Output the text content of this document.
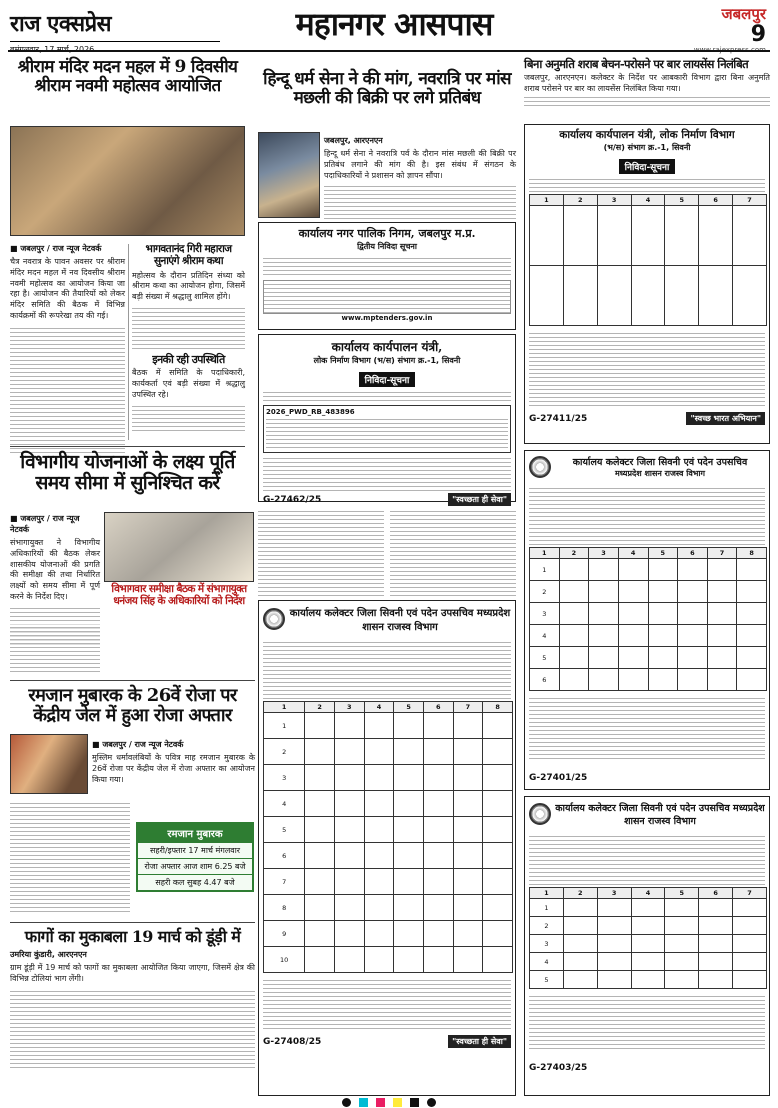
राज एक्सप्रेस	महानगर आसपास	जबलपुर
9
श्रीराम मंदिर मदन महल में 9 दिवसीय श्रीराम नवमी महोत्सव आयोजित
■ जबलपुर / राज न्यूज नेटवर्क
चैत्र नवरात्र के पावन अवसर पर श्रीराम मंदिर मदन महल में नव दिवसीय श्रीराम नवमी महोत्सव का आयोजन किया जा रहा है। आयोजन की तैयारियों को लेकर मंदिर समिति की बैठक में विभिन्न कार्यक्रमों की रूपरेखा तय की गई।
भागवतानंद गिरी महाराज सुनाएंगे श्रीराम कथा
महोत्सव के दौरान प्रतिदिन संध्या को श्रीराम कथा का आयोजन होगा, जिसमें बड़ी संख्या में श्रद्धालु शामिल होंगे।
इनकी रही उपस्थिति
बैठक में समिति के पदाधिकारी, कार्यकर्ता एवं बड़ी संख्या में श्रद्धालु उपस्थित रहे।
विभागीय योजनाओं के लक्ष्य पूर्ति समय सीमा में सुनिश्चित करें
■ जबलपुर / राज न्यूज नेटवर्क
संभागायुक्त ने विभागीय अधिकारियों की बैठक लेकर शासकीय योजनाओं की प्रगति की समीक्षा की तथा निर्धारित लक्ष्यों को समय सीमा में पूर्ण करने के निर्देश दिए।
विभागवार समीक्षा बैठक में संभागायुक्त धनंजय सिंह के अधिकारियों को निर्देश
रमजान मुबारक के 26वें रोजा पर केंद्रीय जेल में हुआ रोजा अफ्तार
■ जबलपुर / राज न्यूज नेटवर्क
मुस्लिम धर्मावलंबियों के पवित्र माह रमजान मुबारक के 26वें रोजा पर केंद्रीय जेल में रोजा अफ्तार का आयोजन किया गया।
रमजान मुबारक
सहरी/इफ्तार 17 मार्च मंगलवार
रोजा अफ्तार आज शाम 6.25 बजे
सहरी कल सुबह 4.47 बजे
फागों का मुकाबला 19 मार्च को डूंड़ी में
उमरिया कुंडारी, आरएनएन
ग्राम डूंड़ी में 19 मार्च को फागों का मुकाबला आयोजित किया जाएगा, जिसमें क्षेत्र की विभिन्न टोलियां भाग लेंगी।
हिन्दू धर्म सेना ने की मांग, नवरात्रि पर मांस मछली की बिक्री पर लगे प्रतिबंध
जबलपुर, आरएनएन
हिन्दू धर्म सेना ने नवरात्रि पर्व के दौरान मांस मछली की बिक्री पर प्रतिबंध लगाने की मांग की है। इस संबंध में संगठन के पदाधिकारियों ने प्रशासन को ज्ञापन सौंपा।
कार्यालय नगर पालिक निगम, जबलपुर म.प्र.
द्वितीय निविदा सूचना
www.mptenders.gov.in
कार्यालय कार्यपालन यंत्री,
लोक निर्माण विभाग (भ/स) संभाग क्र.-1, सिवनी
निविदा-सूचना
2026_PWD_RB_483896
G-27462/25	"स्वच्छता ही सेवा"
कार्यालय कलेक्टर जिला सिवनी एवं पदेन उपसचिव मध्यप्रदेश शासन राजस्व विभाग
1	2	3	4	5	6	7	8
1							
2							
3							
4							
5							
6							
7							
8							
9							
10							
G-27408/25	"स्वच्छता ही सेवा"
बिना अनुमति शराब बेचन-परोसने पर बार लायसेंस निलंबित
जबलपुर, आरएनएन। कलेक्टर के निर्देश पर आबकारी विभाग द्वारा बिना अनुमति शराब परोसने पर बार का लायसेंस निलंबित किया गया।
कार्यालय कार्यपालन यंत्री, लोक निर्माण विभाग
(भ/स) संभाग क्र.-1, सिवनी
निविदा-सूचना
1	2	3	4	5	6	7

G-27411/25	"स्वच्छ भारत अभियान"
कार्यालय कलेक्टर जिला सिवनी एवं पदेन उपसचिव
मध्यप्रदेश शासन राजस्व विभाग
1	2	3	4	5	6	7	8
1							
2							
3							
4							
5							
6							
G-27401/25
कार्यालय कलेक्टर जिला सिवनी एवं पदेन उपसचिव मध्यप्रदेश शासन राजस्व विभाग
1	2	3	4	5	6	7
1						
2						
3						
4						
5						
G-27403/25
